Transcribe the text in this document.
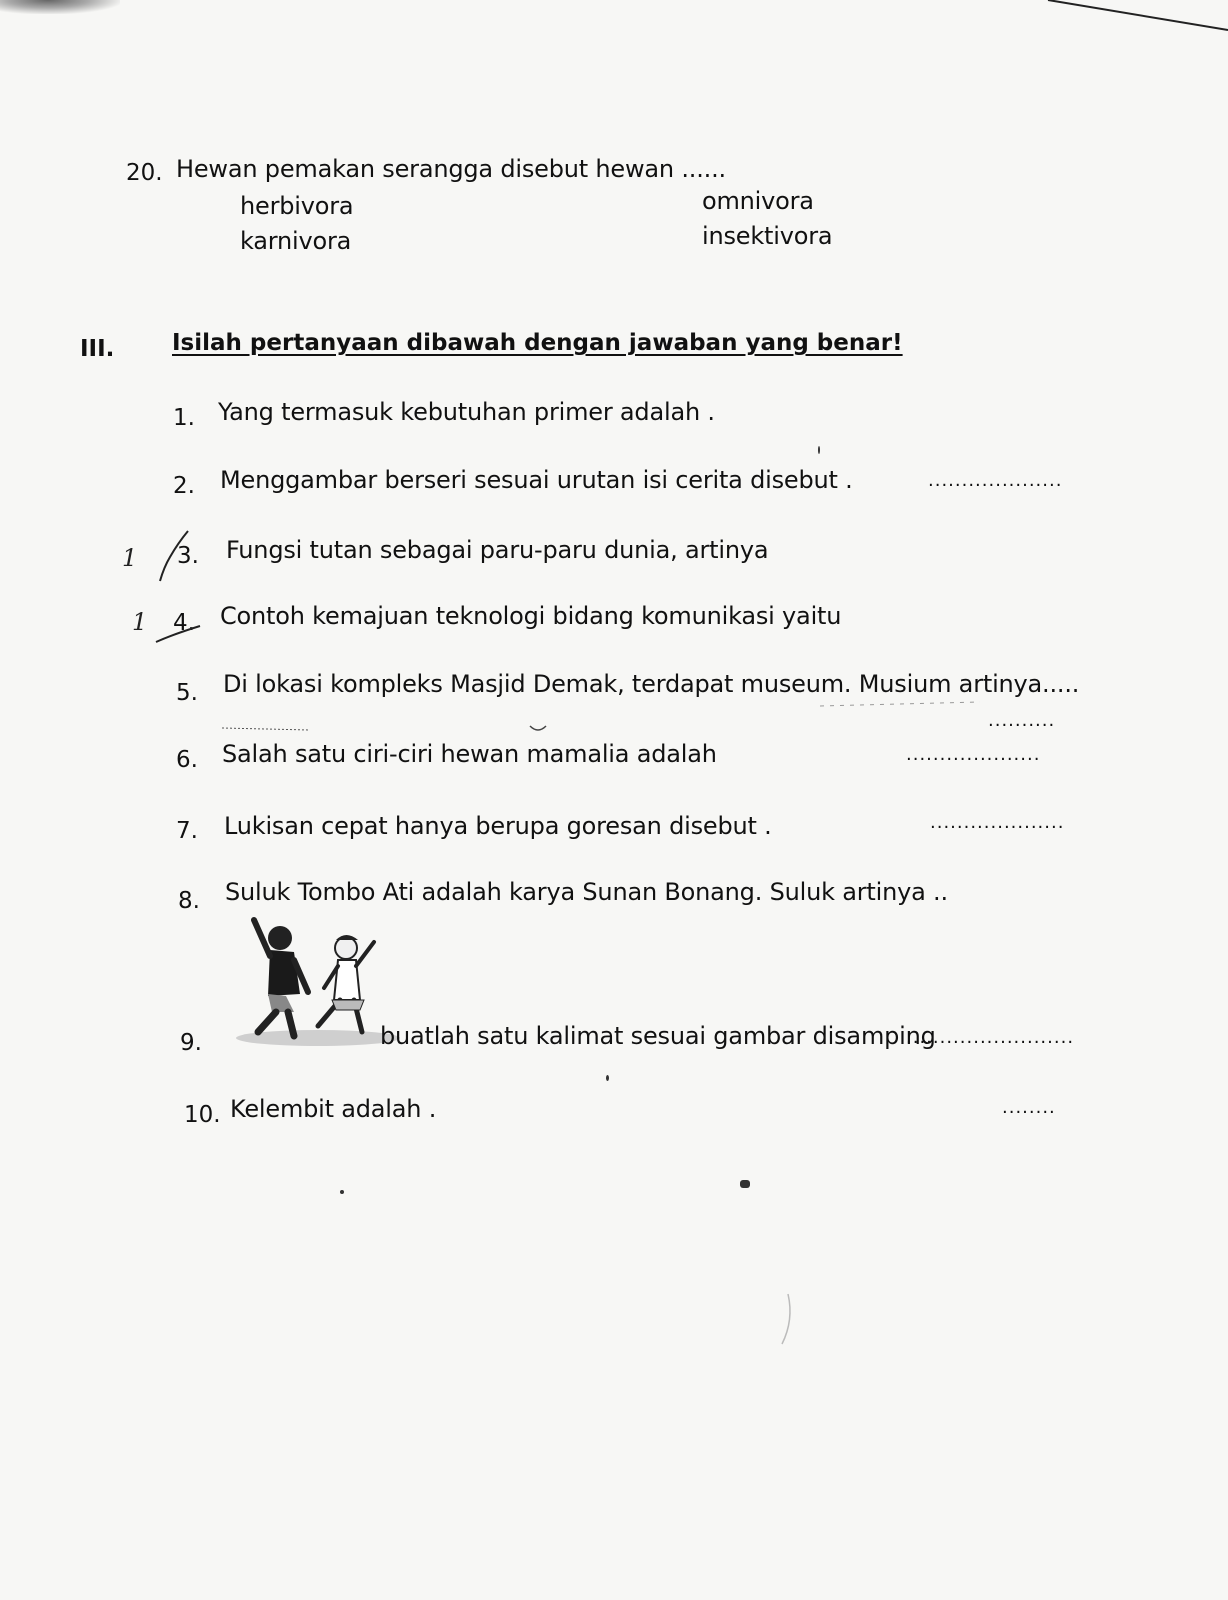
20. Hewan pemakan serangga disebut hewan ......
herbivora
karnivora
omnivora
insektivora
III.	Isilah pertanyaan dibawah dengan jawaban yang benar!
1. Yang termasuk kebutuhan primer adalah .
2. Menggambar berseri sesuai urutan isi cerita disebut .	....................
1 3. Fungsi tutan sebagai paru-paru dunia, artinya
1 4. Contoh kemajuan teknologi bidang komunikasi yaitu
5. Di lokasi kompleks Masjid Demak, terdapat museum. Musium artinya.....
..........
6. Salah satu ciri-ciri hewan mamalia adalah	....................
7. Lukisan cepat hanya berupa goresan disebut .	....................
8. Suluk Tombo Ati adalah karya Sunan Bonang. Suluk artinya ..
9.	buatlah satu kalimat sesuai gambar disamping
.........................
10. Kelembit adalah .	........
